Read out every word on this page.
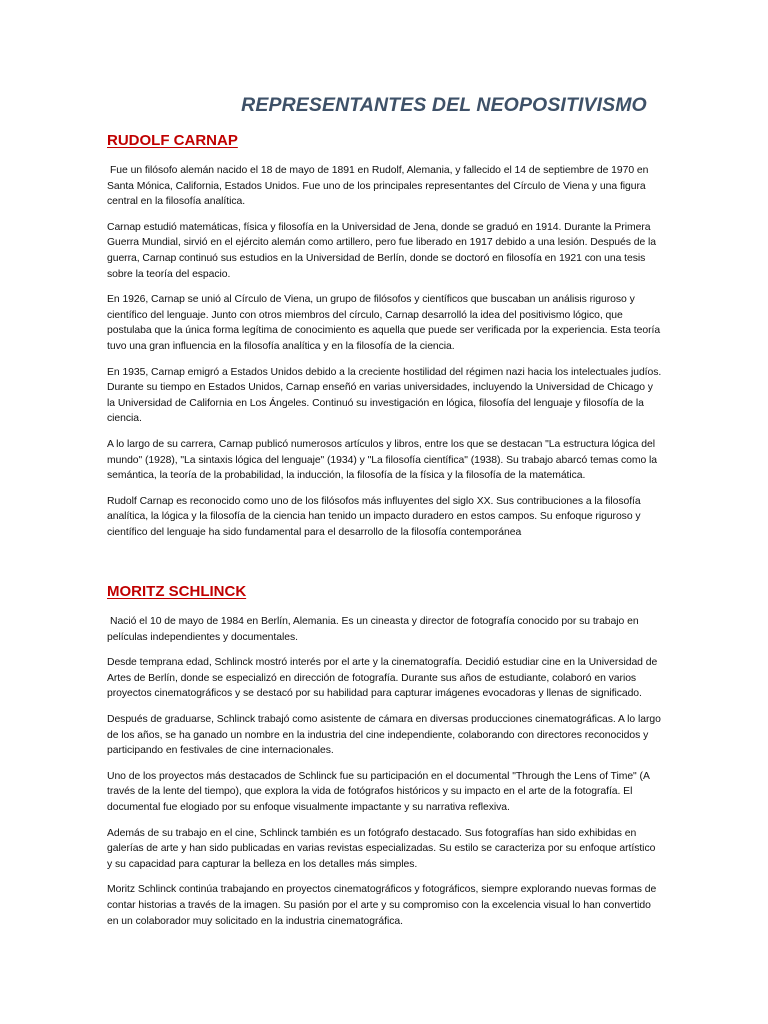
REPRESENTANTES DEL NEOPOSITIVISMO
RUDOLF CARNAP

Fue un filósofo alemán nacido el 18 de mayo de 1891 en Rudolf, Alemania, y fallecido el 14 de septiembre de 1970 en Santa Mónica, California, Estados Unidos. Fue uno de los principales representantes del Círculo de Viena y una figura central en la filosofía analítica.

Carnap estudió matemáticas, física y filosofía en la Universidad de Jena, donde se graduó en 1914. Durante la Primera Guerra Mundial, sirvió en el ejército alemán como artillero, pero fue liberado en 1917 debido a una lesión. Después de la guerra, Carnap continuó sus estudios en la Universidad de Berlín, donde se doctoró en filosofía en 1921 con una tesis sobre la teoría del espacio.

En 1926, Carnap se unió al Círculo de Viena, un grupo de filósofos y científicos que buscaban un análisis riguroso y científico del lenguaje. Junto con otros miembros del círculo, Carnap desarrolló la idea del positivismo lógico, que postulaba que la única forma legítima de conocimiento es aquella que puede ser verificada por la experiencia. Esta teoría tuvo una gran influencia en la filosofía analítica y en la filosofía de la ciencia.

En 1935, Carnap emigró a Estados Unidos debido a la creciente hostilidad del régimen nazi hacia los intelectuales judíos. Durante su tiempo en Estados Unidos, Carnap enseñó en varias universidades, incluyendo la Universidad de Chicago y la Universidad de California en Los Ángeles. Continuó su investigación en lógica, filosofía del lenguaje y filosofía de la ciencia.

A lo largo de su carrera, Carnap publicó numerosos artículos y libros, entre los que se destacan "La estructura lógica del mundo" (1928), "La sintaxis lógica del lenguaje" (1934) y "La filosofía científica" (1938). Su trabajo abarcó temas como la semántica, la teoría de la probabilidad, la inducción, la filosofía de la física y la filosofía de la matemática.

Rudolf Carnap es reconocido como uno de los filósofos más influyentes del siglo XX. Sus contribuciones a la filosofía analítica, la lógica y la filosofía de la ciencia han tenido un impacto duradero en estos campos. Su enfoque riguroso y científico del lenguaje ha sido fundamental para el desarrollo de la filosofía contemporánea

MORITZ SCHLINCK

Nació el 10 de mayo de 1984 en Berlín, Alemania. Es un cineasta y director de fotografía conocido por su trabajo en películas independientes y documentales.

Desde temprana edad, Schlinck mostró interés por el arte y la cinematografía. Decidió estudiar cine en la Universidad de Artes de Berlín, donde se especializó en dirección de fotografía. Durante sus años de estudiante, colaboró en varios proyectos cinematográficos y se destacó por su habilidad para capturar imágenes evocadoras y llenas de significado.

Después de graduarse, Schlinck trabajó como asistente de cámara en diversas producciones cinematográficas. A lo largo de los años, se ha ganado un nombre en la industria del cine independiente, colaborando con directores reconocidos y participando en festivales de cine internacionales.

Uno de los proyectos más destacados de Schlinck fue su participación en el documental "Through the Lens of Time" (A través de la lente del tiempo), que explora la vida de fotógrafos históricos y su impacto en el arte de la fotografía. El documental fue elogiado por su enfoque visualmente impactante y su narrativa reflexiva.

Además de su trabajo en el cine, Schlinck también es un fotógrafo destacado. Sus fotografías han sido exhibidas en galerías de arte y han sido publicadas en varias revistas especializadas. Su estilo se caracteriza por su enfoque artístico y su capacidad para capturar la belleza en los detalles más simples.

Moritz Schlinck continúa trabajando en proyectos cinematográficos y fotográficos, siempre explorando nuevas formas de contar historias a través de la imagen. Su pasión por el arte y su compromiso con la excelencia visual lo han convertido en un colaborador muy solicitado en la industria cinematográfica.
